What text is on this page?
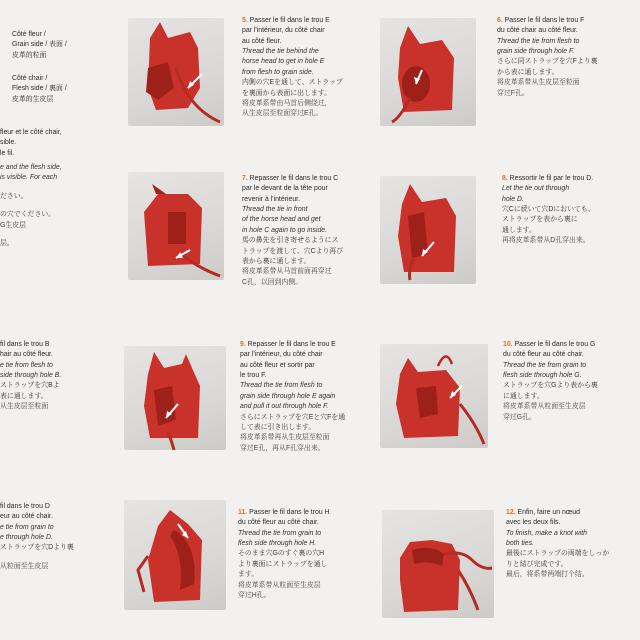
Côté fleur /
Grain side / 表面 /
皮革的粒面
Côté chair /
Flesh side / 裏面 /
皮革的生皮层
fleur et le côté chair,
sible.
le fil.
e and the flesh side,
is visible. For each
ださい。
の穴でください。
G生皮层
层。
fil dans le trou B
hair au côté fleur.
e tie from flesh to
side through hole B.
ストラップを穴Bよ
表に通します。
从生皮层至粒面
fil dans le trou D
eur au côté chair.
e tie from grain to
e through hole D.
ストラップを穴Dより裏
从粒面至生皮层
5. Passer le fil dans le trou E
par l'intérieur, du côté chair
au côté fleur.
Thread the tie behind the
horse head to get in hole E
from flesh to grain side.
内側の穴Eを通して、ストラップ
を裏面から表面に出します。
将皮革系带由马首后侧绕过，
从生皮层至粒面穿过E孔。
6. Passer le fil dans le trou F
du côté chair au côté fleur.
Thread the tie from flesh to
grain side through hole F.
さらに同ストラップを穴Fより裏
から表に通します。
将皮革系带从生皮层至粒面
穿过F孔。
7. Repasser le fil dans le trou C
par le devant de la tête pour
revenir à l'intérieur.
Thread the tie in front
of the horse head and get
in hole C again to go inside.
馬の鼻先を引き寄せるようにス
トラップを渡して、穴Cより再び
表から裏に通します。
将皮革系带从马首前面再穿过
C孔，以回到内侧。
8. Ressortir le fil par le trou D.
Let the tie out through
hole D.
穴Cに続いて穴Dにおいても、
ストラップを表から裏に
通します。
再将皮革系带从D孔穿出来。
9. Repasser le fil dans le trou E
par l'intérieur, du côté chair
au côté fleur et sortir par
le trou F.
Thread the tie from flesh to
grain side through hole E again
and pull it out through hole F.
さらにストラップを穴Eと穴Fを通
して表に引き出します。
将皮革系带再从生皮层至粒面
穿过E孔，再从F孔穿出来。
10. Passer le fil dans le trou G
du côté fleur au côté chair.
Thread the tie from grain to
flesh side through hole G.
ストラップを穴Gより表から裏
に通します。
将皮革系带从粒面至生皮层
穿过G孔。
11. Passer le fil dans le trou H
du côté fleur au côté chair.
Thread the tie from grain to
flesh side through hole H.
そのまま穴Gのすぐ裏の穴H
より裏面にストラップを通し
ます。
将皮革系带从粒面至生皮层
穿过H孔。
12. Enfin, faire un nœud
avec les deux fils.
To finish, make a knot with
both ties.
最後にストラップの両端をしっか
りと結び完成です。
最后，将系带两端打个结。
